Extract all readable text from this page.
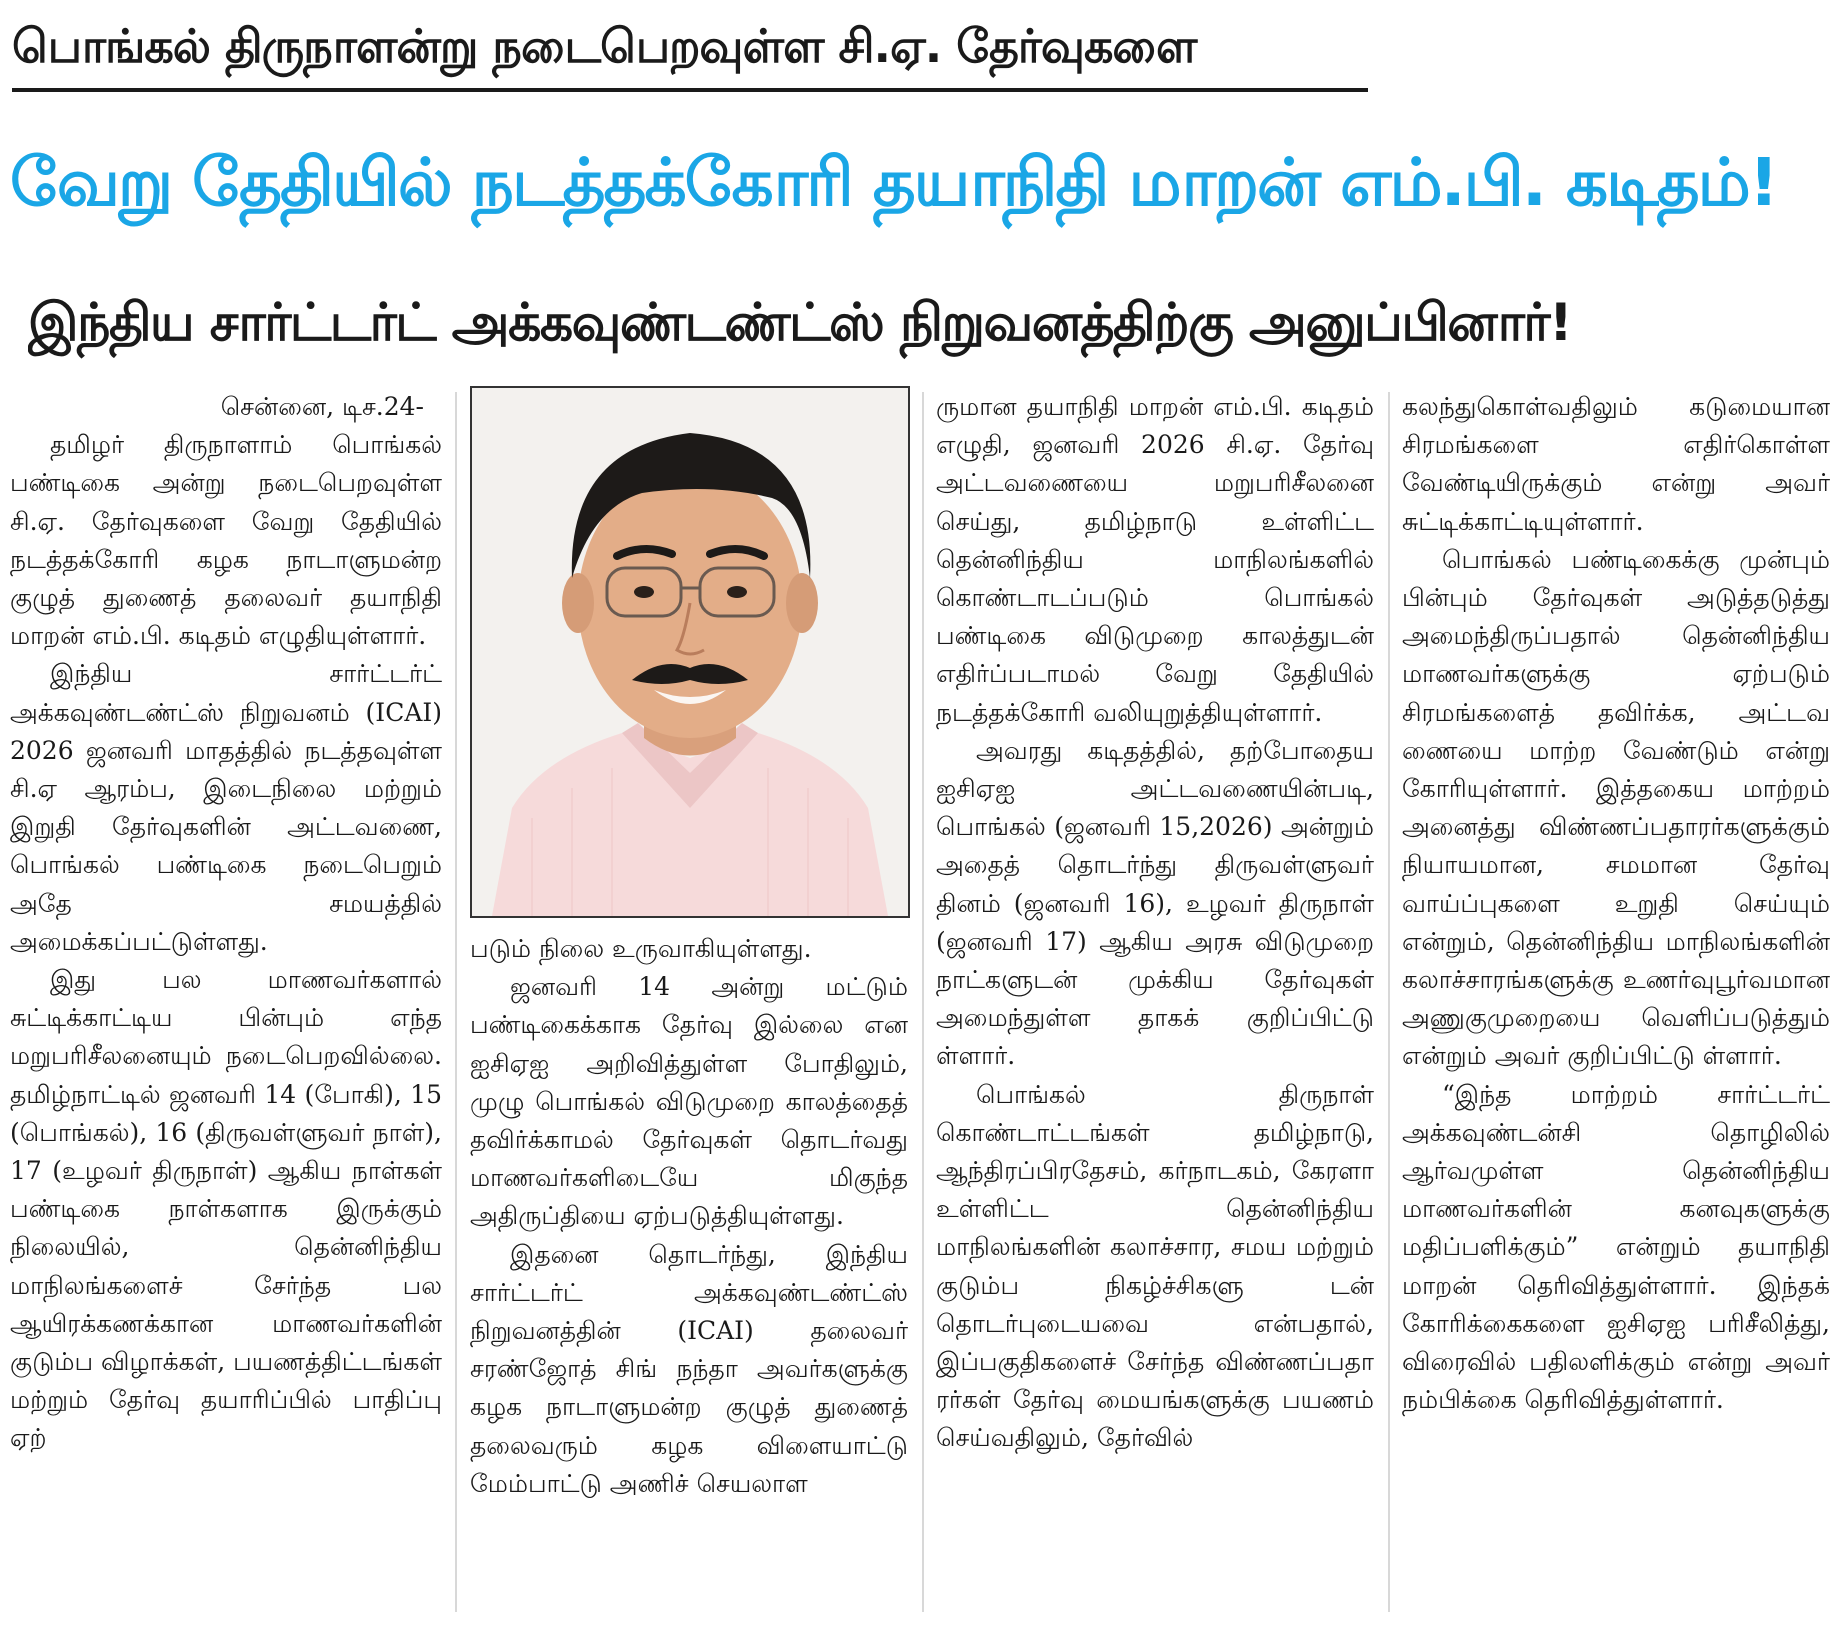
பொங்கல் திருநாளன்று நடைபெறவுள்ள சி.ஏ. தேர்வுகளை
வேறு தேதியில் நடத்தக்கோரி தயாநிதி மாறன் எம்.பி. கடிதம்!
இந்திய சார்ட்டர்ட் அக்கவுண்டண்ட்ஸ் நிறுவனத்திற்கு அனுப்பினார்!

சென்னை, டிச.24-

தமிழர் திருநாளாம் பொங்கல் பண்டிகை அன்று நடைபெறவுள்ள சி.ஏ. தேர்வுகளை வேறு தேதியில் நடத்தக்கோரி கழக நாடாளுமன்ற குழுத் துணைத் தலைவர் தயாநிதி மாறன் எம்.பி. கடிதம் எழுதியுள்ளார்.

இந்திய சார்ட்டர்ட் அக்கவுண்டண்ட்ஸ் நிறுவனம் (ICAI) 2026 ஜனவரி மாதத்தில் நடத்தவுள்ள சி.ஏ ஆரம்ப, இடைநிலை மற்றும் இறுதி தேர்வுகளின் அட்டவணை, பொங்கல் பண்டிகை நடைபெறும் அதே சமயத்தில் அமைக்கப்பட்டுள்ளது.

இது பல மாணவர்களால் சுட்டிக்காட்டிய பின்பும் எந்த மறுபரிசீலனையும் நடைபெறவில்லை. தமிழ்நாட்டில் ஜனவரி 14 (போகி), 15 (பொங்கல்), 16 (திருவள்ளுவர் நாள்), 17 (உழவர் திருநாள்) ஆகிய நாள்கள் பண்டிகை நாள்களாக இருக்கும் நிலையில், தென்னிந்திய மாநிலங்களைச் சேர்ந்த பல ஆயிரக்கணக்கான மாணவர்களின் குடும்ப விழாக்கள், பயணத்திட்டங்கள் மற்றும் தேர்வு தயாரிப்பில் பாதிப்பு ஏற்

படும் நிலை உருவாகியுள்ளது.

ஜனவரி 14 அன்று மட்டும் பண்டிகைக்காக தேர்வு இல்லை என ஐசிஏஐ அறிவித்துள்ள போதிலும், முழு பொங்கல் விடுமுறை காலத்தைத் தவிர்க்காமல் தேர்வுகள் தொடர்வது மாணவர்களிடையே மிகுந்த அதிருப்தியை ஏற்படுத்தியுள்ளது.

இதனை தொடர்ந்து, இந்திய சார்ட்டர்ட் அக்கவுண்டண்ட்ஸ் நிறுவனத்தின் (ICAI) தலைவர் சரண்ஜோத் சிங் நந்தா அவர்களுக்கு கழக நாடாளுமன்ற குழுத் துணைத் தலைவரும் கழக விளையாட்டு மேம்பாட்டு அணிச் செயலாள

ருமான தயாநிதி மாறன் எம்.பி. கடிதம் எழுதி, ஜனவரி 2026 சி.ஏ. தேர்வு அட்டவணையை மறுபரிசீலனை செய்து, தமிழ்நாடு உள்ளிட்ட தென்னிந்திய மாநிலங்களில் கொண்டாடப்படும் பொங்கல் பண்டிகை விடுமுறை காலத்துடன் எதிர்ப்படாமல் வேறு தேதியில் நடத்தக்கோரி வலியுறுத்தியுள்ளார்.

அவரது கடிதத்தில், தற்போதைய ஐசிஏஐ அட்டவணையின்படி, பொங்கல் (ஜனவரி 15,2026) அன்றும் அதைத் தொடர்ந்து திருவள்ளுவர் தினம் (ஜனவரி 16), உழவர் திருநாள் (ஜனவரி 17) ஆகிய அரசு விடுமுறை நாட்களுடன் முக்கிய தேர்வுகள் அமைந்துள்ள தாகக் குறிப்பிட்டு ள்ளார்.

பொங்கல் திருநாள் கொண்டாட்டங்கள் தமிழ்நாடு, ஆந்திரப்பிரதேசம், கர்நாடகம், கேரளா உள்ளிட்ட தென்னிந்திய மாநிலங்களின் கலாச்சார, சமய மற்றும் குடும்ப நிகழ்ச்சிகளு டன் தொடர்புடையவை என்பதால், இப்பகுதிகளைச் சேர்ந்த விண்ணப்பதா ரர்கள் தேர்வு மையங்களுக்கு பயணம் செய்வதிலும், தேர்வில்

கலந்துகொள்வதிலும் கடுமையான சிரமங்களை எதிர்கொள்ள வேண்டியிருக்கும் என்று அவர் சுட்டிக்காட்டியுள்ளார்.

பொங்கல் பண்டிகைக்கு முன்பும் பின்பும் தேர்வுகள் அடுத்தடுத்து அமைந்திருப்பதால் தென்னிந்திய மாணவர்களுக்கு ஏற்படும் சிரமங்களைத் தவிர்க்க, அட்டவ ணையை மாற்ற வேண்டும் என்று கோரியுள்ளார். இத்தகைய மாற்றம் அனைத்து விண்ணப்பதாரர்களுக்கும் நியாயமான, சமமான தேர்வு வாய்ப்புகளை உறுதி செய்யும் என்றும், தென்னிந்திய மாநிலங்களின் கலாச்சாரங்களுக்கு உணர்வுபூர்வமான அணுகுமுறையை வெளிப்படுத்தும் என்றும் அவர் குறிப்பிட்டு ள்ளார்.

“இந்த மாற்றம் சார்ட்டர்ட் அக்கவுண்டன்சி தொழிலில் ஆர்வமுள்ள தென்னிந்திய மாணவர்களின் கனவுகளுக்கு மதிப்பளிக்கும்” என்றும் தயாநிதி மாறன் தெரிவித்துள்ளார். இந்தக் கோரிக்கைகளை ஐசிஏஐ பரிசீலித்து, விரைவில் பதிலளிக்கும் என்று அவர் நம்பிக்கை தெரிவித்துள்ளார்.
